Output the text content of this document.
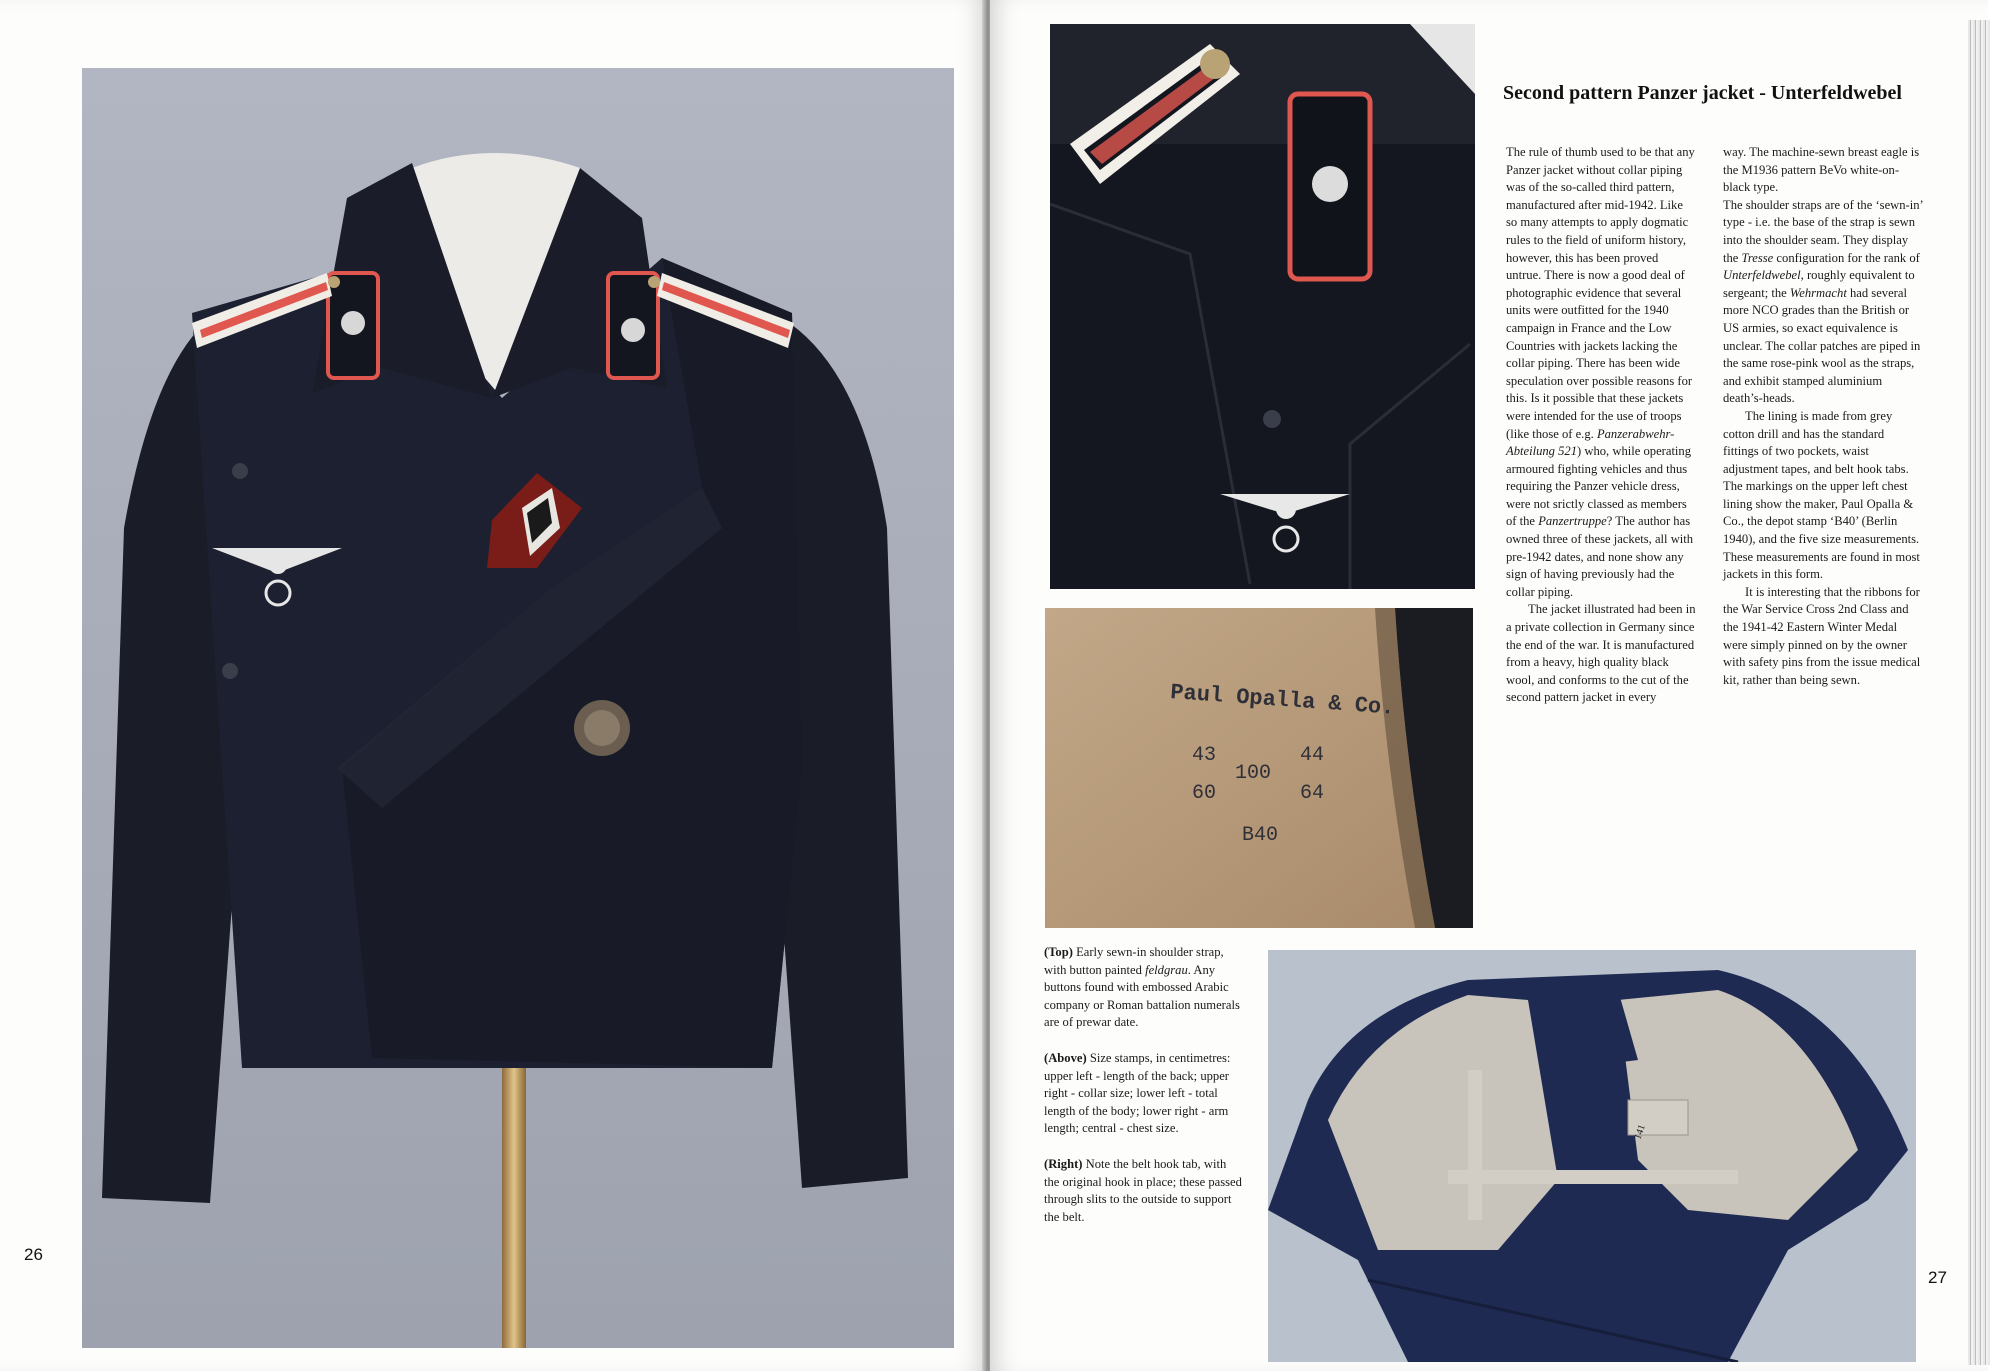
26
Paul Opalla & Co.
43	44
100
60	64
B40
141
Second pattern Panzer jacket - Unterfeldwebel

The rule of thumb used to be that any Panzer jacket without collar piping was of the so-called third pattern, manufactured after mid-1942. Like so many attempts to apply dogmatic rules to the field of uniform history, however, this has been proved untrue. There is now a good deal of photographic evidence that several units were outfitted for the 1940 campaign in France and the Low Countries with jackets lacking the collar piping. There has been wide speculation over possible reasons for this. Is it possible that these jackets were intended for the use of troops (like those of e.g. Panzerabwehr-Abteilung 521) who, while operating armoured fighting vehicles and thus requiring the Panzer vehicle dress, were not srictly classed as members of the Panzertruppe? The author has owned three of these jackets, all with pre-1942 dates, and none show any sign of having previously had the collar piping.

The jacket illustrated had been in a private collection in Germany since the end of the war. It is manufactured from a heavy, high quality black wool, and conforms to the cut of the second pattern jacket in every

way. The machine-sewn breast eagle is the M1936 pattern BeVo white-on-black type.

The shoulder straps are of the ‘sewn-in’ type - i.e. the base of the strap is sewn into the shoulder seam. They display the Tresse configuration for the rank of Unterfeldwebel, roughly equivalent to sergeant; the Wehrmacht had several more NCO grades than the British or US armies, so exact equivalence is unclear. The collar patches are piped in the same rose-pink wool as the straps, and exhibit stamped aluminium death’s-heads.

The lining is made from grey cotton drill and has the standard fittings of two pockets, waist adjustment tapes, and belt hook tabs. The markings on the upper left chest lining show the maker, Paul Opalla & Co., the depot stamp ‘B40’ (Berlin 1940), and the five size measurements. These measurements are found in most jackets in this form.

It is interesting that the ribbons for the War Service Cross 2nd Class and the 1941-42 Eastern Winter Medal were simply pinned on by the owner with safety pins from the issue medical kit, rather than being sewn.

(Top) Early sewn-in shoulder strap, with button painted feldgrau. Any buttons found with embossed Arabic company or Roman battalion numerals are of prewar date.

(Above) Size stamps, in centimetres: upper left - length of the back; upper right - collar size; lower left - total length of the body; lower right - arm length; central - chest size.

(Right) Note the belt hook tab, with the original hook in place; these passed through slits to the outside to support the belt.

27
